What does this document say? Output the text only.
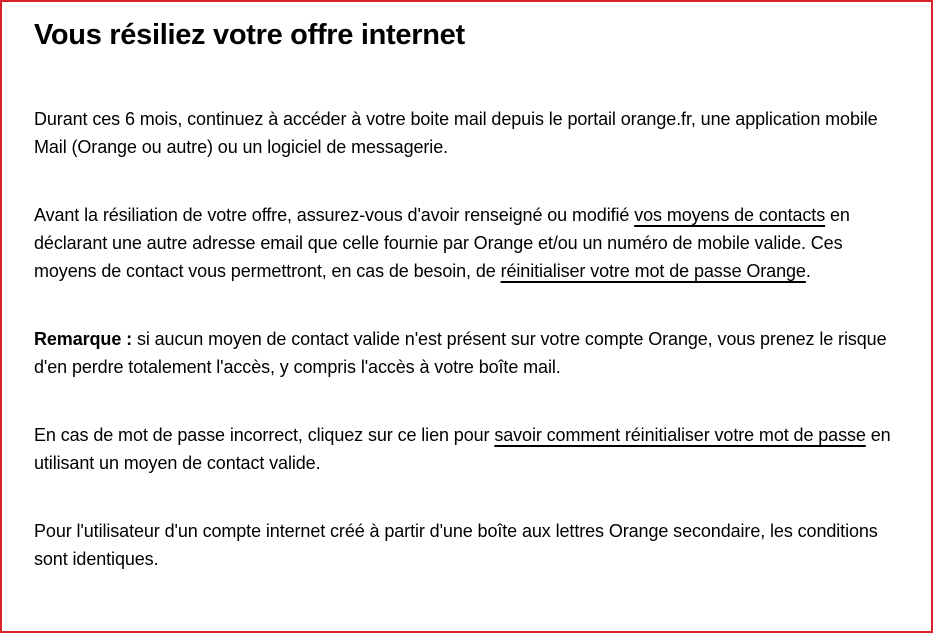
Vous résiliez votre offre internet

Durant ces 6 mois, continuez à accéder à votre boite mail depuis le portail orange.fr, une application mobile Mail (Orange ou autre) ou un logiciel de messagerie.

Avant la résiliation de votre offre, assurez-vous d'avoir renseigné ou modifié vos moyens de contacts en déclarant une autre adresse email que celle fournie par Orange et/ou un numéro de mobile valide. Ces moyens de contact vous permettront, en cas de besoin, de réinitialiser votre mot de passe Orange.

Remarque : si aucun moyen de contact valide n'est présent sur votre compte Orange, vous prenez le risque d'en perdre totalement l'accès, y compris l'accès à votre boîte mail.

En cas de mot de passe incorrect, cliquez sur ce lien pour savoir comment réinitialiser votre mot de passe en utilisant un moyen de contact valide.

Pour l'utilisateur d'un compte internet créé à partir d'une boîte aux lettres Orange secondaire, les conditions sont identiques.
